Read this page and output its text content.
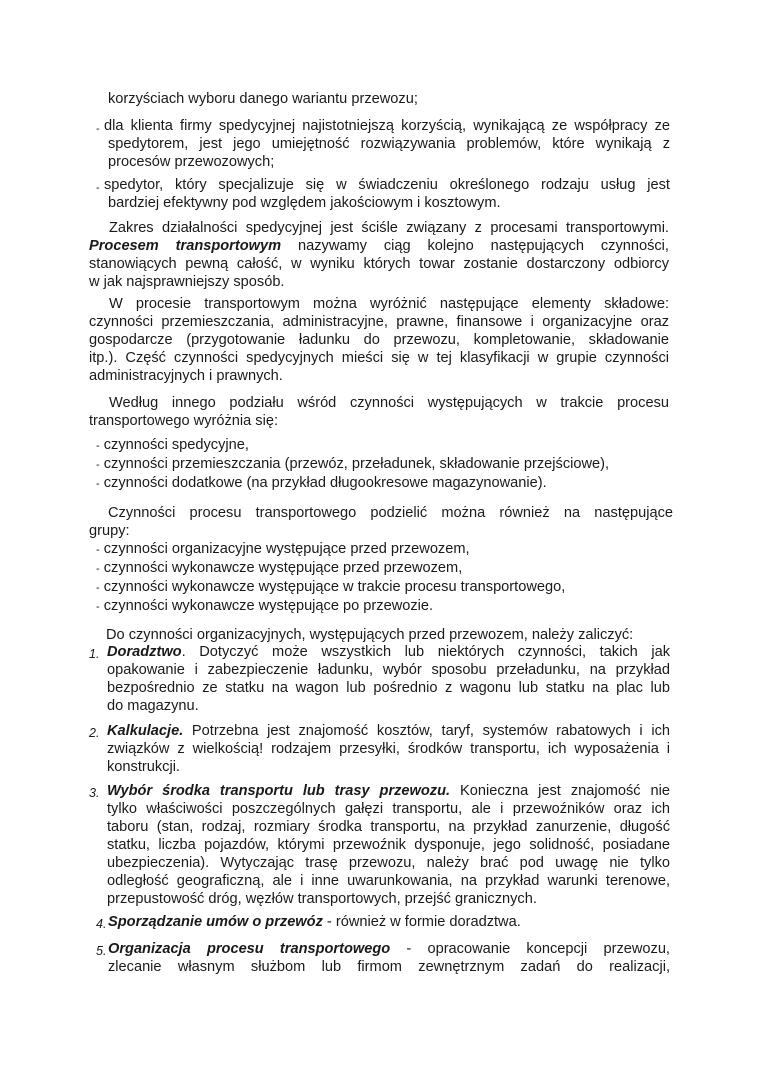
korzyściach wyboru danego wariantu przewozu;
- dla klienta firmy spedycyjnej najistotniejszą korzyścią, wynikającą ze współpracy ze
spedytorem, jest jego umiejętność rozwiązywania problemów, które wynikają z
procesów przewozowych;
- spedytor, który specjalizuje się w świadczeniu określonego rodzaju usług jest
bardziej efektywny pod względem jakościowym i kosztowym.
Zakres działalności spedycyjnej jest ściśle związany z procesami transportowymi.
Procesem transportowym nazywamy ciąg kolejno następujących czynności,
stanowiących pewną całość, w wyniku których towar zostanie dostarczony odbiorcy
w jak najsprawniejszy sposób.
W procesie transportowym można wyróżnić następujące elementy składowe:
czynności przemieszczania, administracyjne, prawne, finansowe i organizacyjne oraz
gospodarcze (przygotowanie ładunku do przewozu, kompletowanie, składowanie
itp.). Część czynności spedycyjnych mieści się w tej klasyfikacji w grupie czynności
administracyjnych i prawnych.
Według innego podziału wśród czynności występujących w trakcie procesu
transportowego wyróżnia się:
- czynności spedycyjne,
- czynności przemieszczania (przewóz, przeładunek, składowanie przejściowe),
- czynności dodatkowe (na przykład długookresowe magazynowanie).
Czynności procesu transportowego podzielić można również na następujące
grupy:
- czynności organizacyjne występujące przed przewozem,
- czynności wykonawcze występujące przed przewozem,
- czynności wykonawcze występujące w trakcie procesu transportowego,
- czynności wykonawcze występujące po przewozie.
Do czynności organizacyjnych, występujących przed przewozem, należy zaliczyć:
1. Doradztwo. Dotyczyć może wszystkich lub niektórych czynności, takich jak
opakowanie i zabezpieczenie ładunku, wybór sposobu przeładunku, na przykład
bezpośrednio ze statku na wagon lub pośrednio z wagonu lub statku na plac lub
do magazynu.
2. Kalkulacje. Potrzebna jest znajomość kosztów, taryf, systemów rabatowych i ich
związków z wielkością! rodzajem przesyłki, środków transportu, ich wyposażenia i
konstrukcji.
3. Wybór środka transportu lub trasy przewozu. Konieczna jest znajomość nie
tylko właściwości poszczególnych gałęzi transportu, ale i przewoźników oraz ich
taboru (stan, rodzaj, rozmiary środka transportu, na przykład zanurzenie, długość
statku, liczba pojazdów, którymi przewoźnik dysponuje, jego solidność, posiadane
ubezpieczenia). Wytyczając trasę przewozu, należy brać pod uwagę nie tylko
odległość geograficzną, ale i inne uwarunkowania, na przykład warunki terenowe,
przepustowość dróg, węzłów transportowych, przejść granicznych.
4. Sporządzanie umów o przewóz - również w formie doradztwa.
5. Organizacja procesu transportowego - opracowanie koncepcji przewozu,
zlecanie własnym służbom lub firmom zewnętrznym zadań do realizacji,
